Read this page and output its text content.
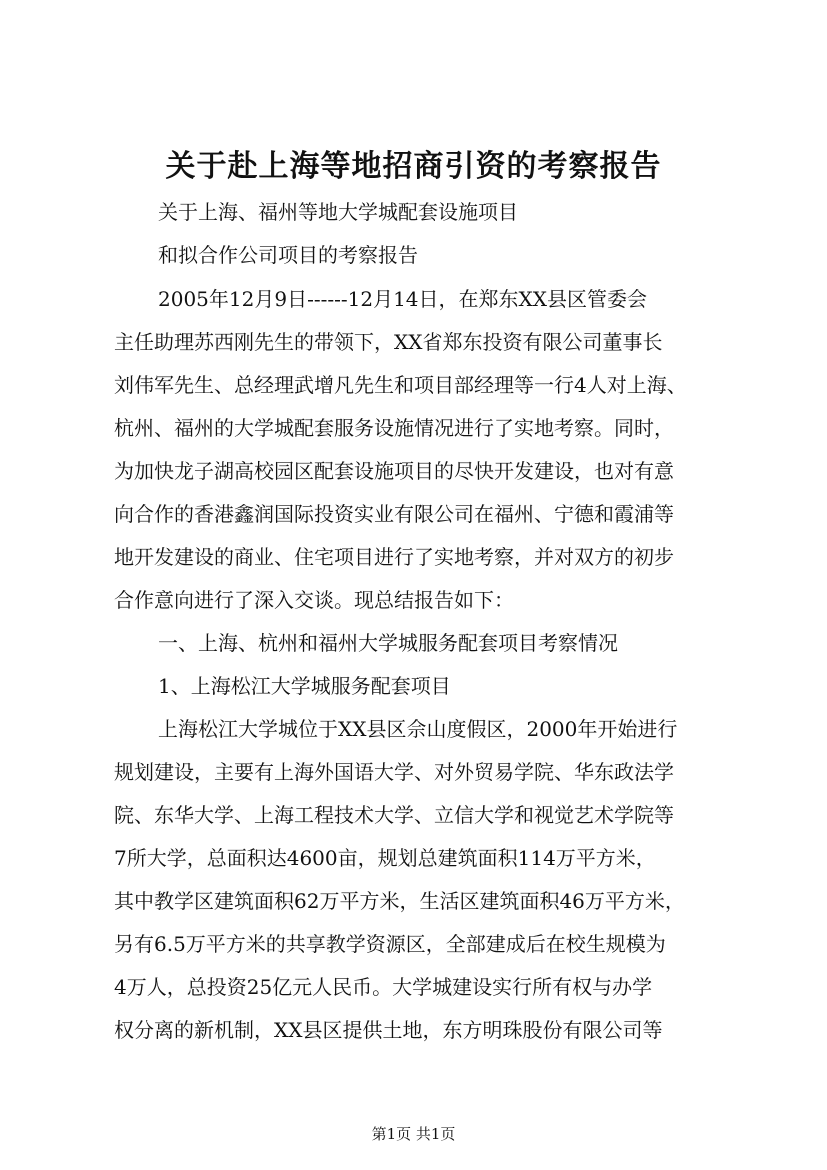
关于赴上海等地招商引资的考察报告
关于上海、福州等地大学城配套设施项目
和拟合作公司项目的考察报告
2005年12月9日------12月14日，在郑东XX县区管委会
主任助理苏西刚先生的带领下，XX省郑东投资有限公司董事长
刘伟军先生、总经理武增凡先生和项目部经理等一行4人对上海、
杭州、福州的大学城配套服务设施情况进行了实地考察。同时，
为加快龙子湖高校园区配套设施项目的尽快开发建设，也对有意
向合作的香港鑫润国际投资实业有限公司在福州、宁德和霞浦等
地开发建设的商业、住宅项目进行了实地考察，并对双方的初步
合作意向进行了深入交谈。现总结报告如下：
一、上海、杭州和福州大学城服务配套项目考察情况
1、上海松江大学城服务配套项目
上海松江大学城位于XX县区佘山度假区，2000年开始进行
规划建设，主要有上海外国语大学、对外贸易学院、华东政法学
院、东华大学、上海工程技术大学、立信大学和视觉艺术学院等
7所大学，总面积达4600亩，规划总建筑面积114万平方米，
其中教学区建筑面积62万平方米，生活区建筑面积46万平方米，
另有6.5万平方米的共享教学资源区，全部建成后在校生规模为
4万人，总投资25亿元人民币。大学城建设实行所有权与办学
权分离的新机制，XX县区提供土地，东方明珠股份有限公司等
第1页 共1页
